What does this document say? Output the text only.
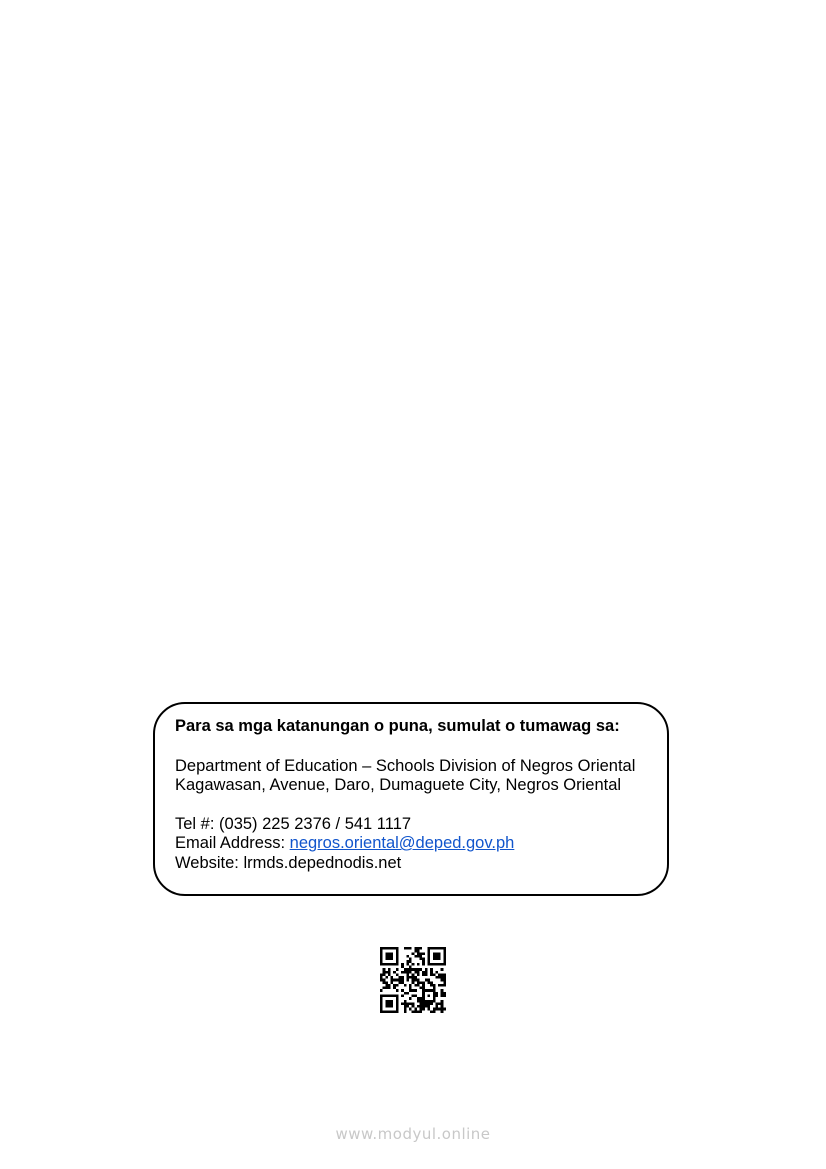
Para sa mga katanungan o puna, sumulat o tumawag sa:
Department of Education – Schools Division of Negros Oriental
Kagawasan, Avenue, Daro, Dumaguete City, Negros Oriental
Tel #: (035) 225 2376 / 541 1117
Email Address: negros.oriental@deped.gov.ph
Website: lrmds.depednodis.net
www.modyul.online
